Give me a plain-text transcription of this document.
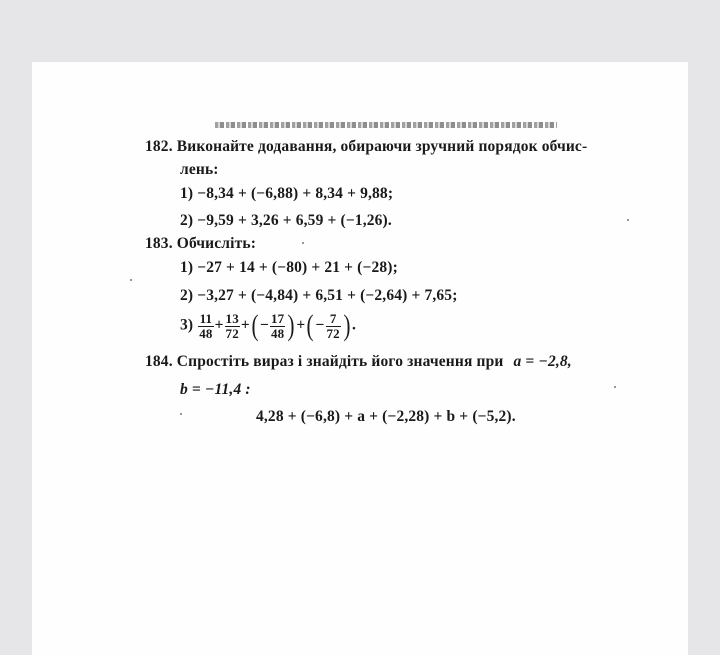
182. Виконайте додавання, обираючи зручний порядок обчис-
лень:
1) −8,34 + (−6,88) + 8,34 + 9,88;
2) −9,59 + 3,26 + 6,59 + (−1,26).
183. Обчисліть:
1) −27 + 14 + (−80) + 21 + (−28);
2) −3,27 + (−4,84) + 6,51 + (−2,64) + 7,65;
$3) \frac{11}{48} + \frac{13}{72}$ +(− $\frac{17}{48}$ )+(− $\frac{7}{72}$ ).
184. Спростіть вираз і знайдіть його значення при a = −2,8,
b = −11,4 :
4,28 + (−6,8) + a + (−2,28) + b + (−5,2).
